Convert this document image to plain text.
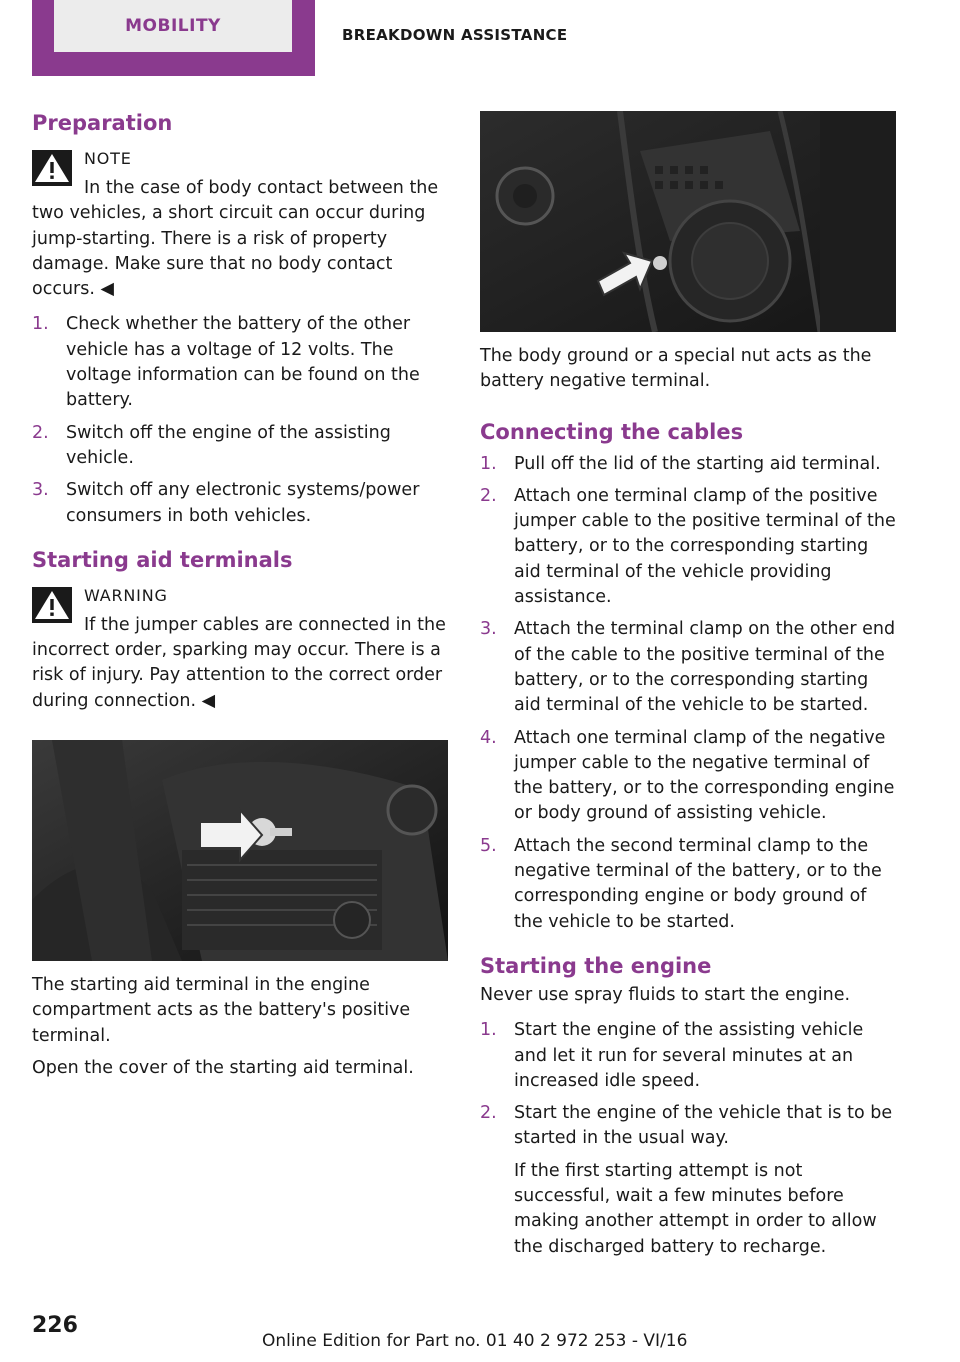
MOBILITY	BREAKDOWN ASSISTANCE
Preparation
NOTE

In the case of body contact between the two vehicles, a short circuit can occur during jump-starting. There is a risk of property damage. Make sure that no body contact occurs. ◀

1. Check whether the battery of the other vehicle has a voltage of 12 volts. The voltage information can be found on the battery.
2. Switch off the engine of the assisting vehicle.
3. Switch off any electronic systems/power consumers in both vehicles.
Starting aid terminals
WARNING

If the jumper cables are connected in the incorrect order, sparking may occur. There is a risk of injury. Pay attention to the correct order during connection. ◀

The starting aid terminal in the engine compartment acts as the battery's positive terminal.

Open the cover of the starting aid terminal.

The body ground or a special nut acts as the battery negative terminal.

Connecting the cables
1. Pull off the lid of the starting aid terminal.
2. Attach one terminal clamp of the positive jumper cable to the positive terminal of the battery, or to the corresponding starting aid terminal of the vehicle providing assistance.
3. Attach the terminal clamp on the other end of the cable to the positive terminal of the battery, or to the corresponding starting aid terminal of the vehicle to be started.
4. Attach one terminal clamp of the negative jumper cable to the negative terminal of the battery, or to the corresponding engine or body ground of assisting vehicle.
5. Attach the second terminal clamp to the negative terminal of the battery, or to the corresponding engine or body ground of the vehicle to be started.
Starting the engine

Never use spray fluids to start the engine.

1. Start the engine of the assisting vehicle and let it run for several minutes at an increased idle speed.
2. Start the engine of the vehicle that is to be started in the usual way.
If the first starting attempt is not successful, wait a few minutes before making another attempt in order to allow the discharged battery to recharge.
226
Online Edition for Part no. 01 40 2 972 253 - VI/16
